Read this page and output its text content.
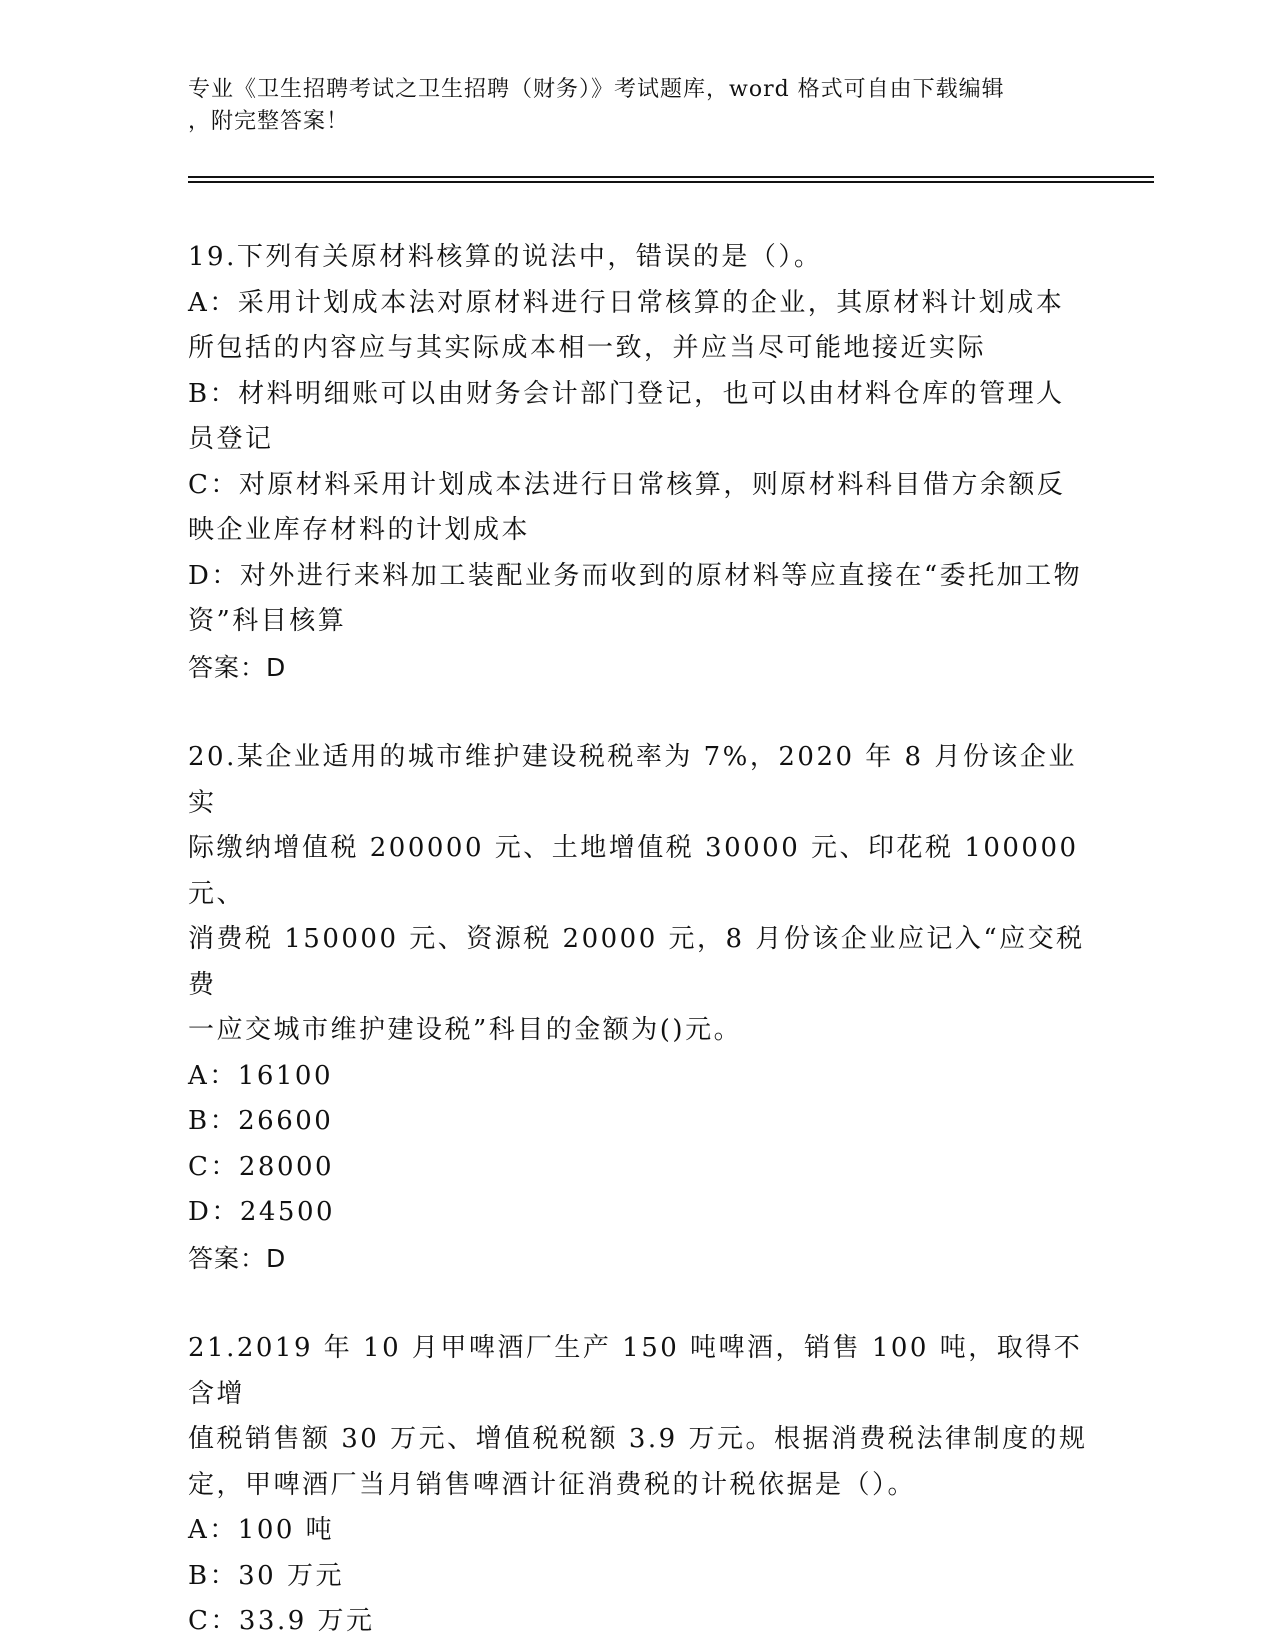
专业《卫生招聘考试之卫生招聘（财务）》考试题库，word 格式可自由下载编辑
，附完整答案！

19.下列有关原材料核算的说法中，错误的是（）。

A：采用计划成本法对原材料进行日常核算的企业，其原材料计划成本所包括的内容应与其实际成本相一致，并应当尽可能地接近实际

B：材料明细账可以由财务会计部门登记，也可以由材料仓库的管理人员登记

C：对原材料采用计划成本法进行日常核算，则原材料科目借方余额反映企业库存材料的计划成本

D：对外进行来料加工装配业务而收到的原材料等应直接在“委托加工物资”科目核算

答案：D

20.某企业适用的城市维护建设税税率为 7%，2020 年 8 月份该企业实

际缴纳增值税 200000 元、土地增值税 30000 元、印花税 100000 元、

消费税 150000 元、资源税 20000 元，8 月份该企业应记入“应交税费

一应交城市维护建设税”科目的金额为()元。

A：16100

B：26600

C：28000

D：24500

答案：D

21.2019 年 10 月甲啤酒厂生产 150 吨啤酒，销售 100 吨，取得不含增

值税销售额 30 万元、增值税税额 3.9 万元。根据消费税法律制度的规

定，甲啤酒厂当月销售啤酒计征消费税的计税依据是（）。

A：100 吨

B：30 万元

C：33.9 万元
